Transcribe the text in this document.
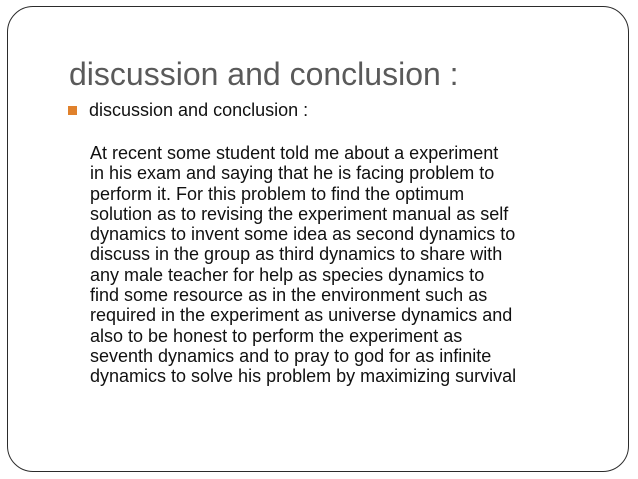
discussion and conclusion :
discussion and conclusion :
At recent some student told me about a experiment
in his exam and saying that he is facing problem to
perform it. For this problem to find the optimum
solution as to revising the experiment manual as self
dynamics to invent some idea as second dynamics to
discuss in the group as third dynamics to share with
any male teacher for help as species dynamics to
find some resource as in the environment such as
required in the experiment as universe dynamics and
also to be honest to perform the experiment as
seventh dynamics and to pray to god for as infinite
dynamics to solve his problem by maximizing survival
